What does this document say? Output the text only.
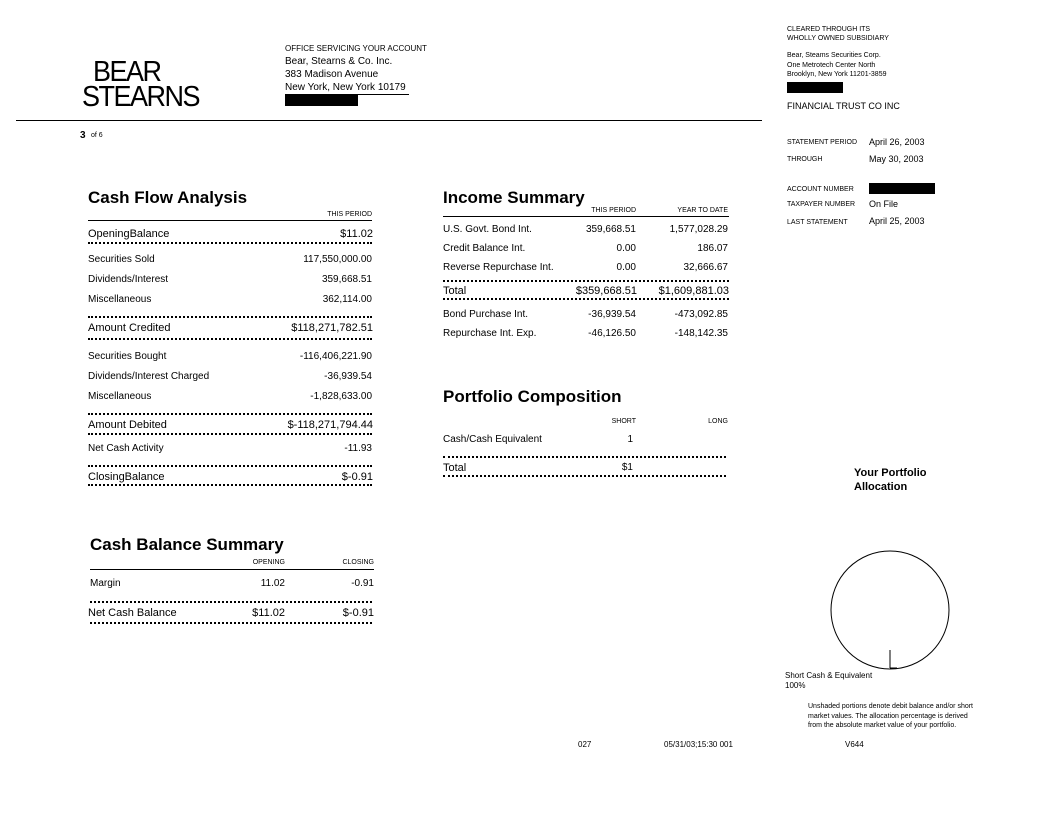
BEAR
STEARNS
OFFICE SERVICING YOUR ACCOUNT
Bear, Stearns & Co. Inc.
383 Madison Avenue
New York, New York 10179
CLEARED THROUGH ITS
WHOLLY OWNED SUBSIDIARY
Bear, Steams Securities Corp.
One Metrotech Center North
Brooklyn, New York 11201-3859
FINANCIAL TRUST CO INC
3 of 6
STATEMENT PERIOD April 26, 2003
THROUGH	May 30, 2003
ACCOUNT NUMBER
TAXPAYER NUMBER On File
LAST STATEMENT April 25, 2003
Cash Flow Analysis
THIS PERIOD
OpeningBalance	$11.02
Securities Sold	117,550,000.00
Dividends/Interest	359,668.51
Miscellaneous	362,114.00
Amount Credited	$118,271,782.51
Securities Bought	-116,406,221.90
Dividends/Interest Charged	-36,939.54
Miscellaneous	-1,828,633.00
Amount Debited	$-118,271,794.44
Net Cash Activity	-11.93
ClosingBalance	$-0.91
Income Summary
THIS PERIOD	YEAR TO DATE
U.S. Govt. Bond Int.	359,668.51	1,577,028.29
Credit Balance Int.	0.00	186.07
Reverse Repurchase Int.	0.00	32,666.67
Total	$359,668.51	$1,609,881.03
Bond Purchase Int.	-36,939.54	-473,092.85
Repurchase Int. Exp.	-46,126.50	-148,142.35
Portfolio Composition
SHORT	LONG
Cash/Cash Equivalent	1
Total	$1
Cash Balance Summary
OPENING	CLOSING
Margin	11.02	-0.91
Net Cash Balance	$11.02	$-0.91
Your Portfolio
Allocation
Short Cash & Equivalent
100%
Unshaded portions denote debit balance and/or short
market values. The allocation percentage is derived
from the absolute market value of your portfolio.
027	05/31/03;15:30 001	V644
